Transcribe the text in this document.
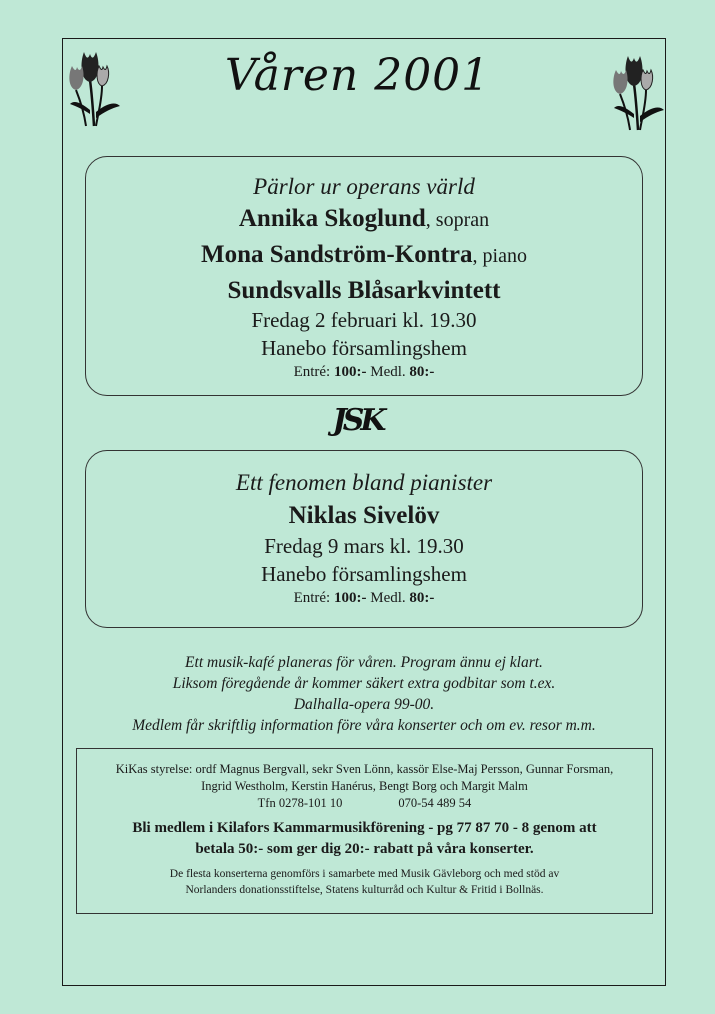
Våren 2001
Pärlor ur operans värld
Annika Skoglund, sopran
Mona Sandström-Kontra, piano
Sundsvalls Blåsarkvintett
Fredag 2 februari kl. 19.30
Hanebo församlingshem
Entré: 100:- Medl. 80:-
JSK
Ett fenomen bland pianister
Niklas Sivelöv
Fredag 9 mars kl. 19.30
Hanebo församlingshem
Entré: 100:- Medl. 80:-
Ett musik-kafé planeras för våren. Program ännu ej klart.
Liksom föregående år kommer säkert extra godbitar som t.ex.
Dalhalla-opera 99-00.
Medlem får skriftlig information före våra konserter och om ev. resor m.m.
KiKas styrelse: ordf Magnus Bergvall, sekr Sven Lönn, kassör Else-Maj Persson, Gunnar Forsman,
Ingrid Westholm, Kerstin Hanérus, Bengt Borg och Margit Malm
Tfn 0278-101 10	070-54 489 54
Bli medlem i Kilafors Kammarmusikförening - pg 77 87 70 - 8 genom att
betala 50:- som ger dig 20:- rabatt på våra konserter.
De flesta konserterna genomförs i samarbete med Musik Gävleborg och med stöd av
Norlanders donationsstiftelse, Statens kulturråd och Kultur & Fritid i Bollnäs.
